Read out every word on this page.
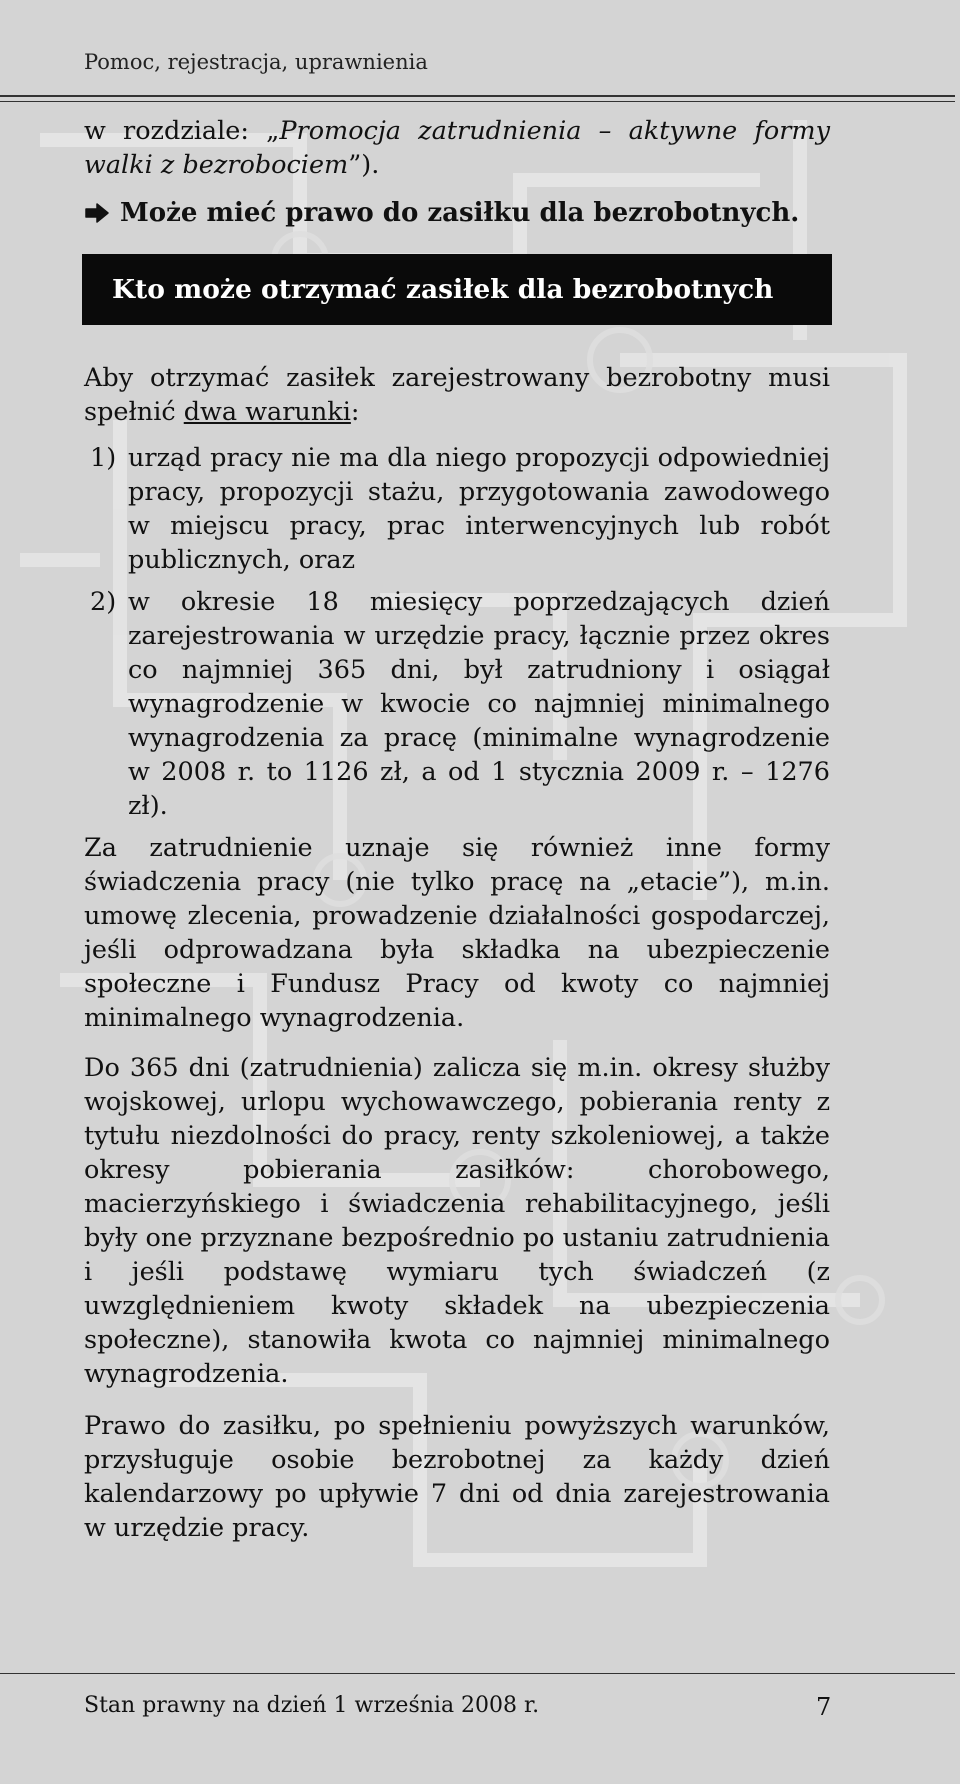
Pomoc, rejestracja, uprawnienia

w rozdziale: „Promocja zatrudnienia – aktywne formy walki z bezrobociem”).

Może mieć prawo do zasiłku dla bezrobotnych.

Kto może otrzymać zasiłek dla bezrobotnych

Aby otrzymać zasiłek zarejestrowany bezrobotny musi spełnić dwa warunki:

1) urząd pracy nie ma dla niego propozycji odpowiedniej pracy, propozycji stażu, przygotowania zawodowego w miejscu pracy, prac interwencyjnych lub robót publicznych, oraz
2) w okresie 18 miesięcy poprzedzających dzień zarejestrowania w urzędzie pracy, łącznie przez okres co najmniej 365 dni, był zatrudniony i osiągał wynagrodzenie w kwocie co najmniej minimalnego wynagrodzenia za pracę (minimalne wynagrodzenie w 2008 r. to 1126 zł, a od 1 stycznia 2009 r. – 1276 zł).

Za zatrudnienie uznaje się również inne formy świadczenia pracy (nie tylko pracę na „etacie”), m.in. umowę zlecenia, prowadzenie działalności gospodarczej, jeśli odprowadzana była składka na ubezpieczenie społeczne i Fundusz Pracy od kwoty co najmniej minimalnego wynagrodzenia.

Do 365 dni (zatrudnienia) zalicza się m.in. okresy służby wojskowej, urlopu wychowawczego, pobierania renty z tytułu niezdolności do pracy, renty szkoleniowej, a także okresy pobierania zasiłków: chorobowego, macierzyńskiego i świadczenia rehabilitacyjnego, jeśli były one przyznane bezpośrednio po ustaniu zatrudnienia i jeśli podstawę wymiaru tych świadczeń (z uwzględnieniem kwoty składek na ubezpieczenia społeczne), stanowiła kwota co najmniej minimalnego wynagrodzenia.

Prawo do zasiłku, po spełnieniu powyższych warunków, przysługuje osobie bezrobotnej za każdy dzień kalendarzowy po upływie 7 dni od dnia zarejestrowania w urzędzie pracy.

Stan prawny na dzień 1 września 2008 r.	7
